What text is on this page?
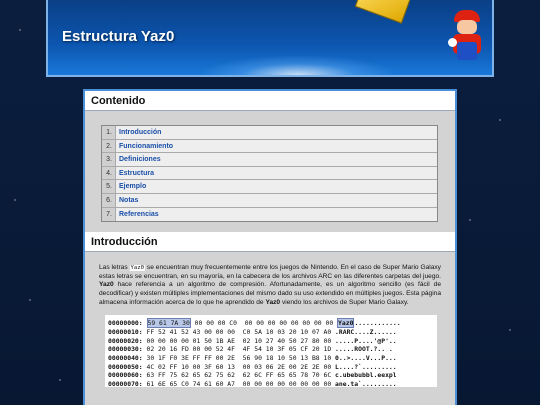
Estructura Yaz0
Contenido
1.	Introducción
2.	Funcionamiento
3.	Definiciones
4.	Estructura
5.	Ejemplo
6.	Notas
7.	Referencias
Introducción
Las letras Yaz0 se encuentran muy frecuentemente entre los juegos de Nintendo. En el caso de Super Mario Galaxy estas letras se encuentran, en su mayoría, en la cabecera de los archivos ARC en las diferentes carpetas del juego. Yaz0 hace referencia a un algoritmo de compresión. Afortunadamente, es un algoritmo sencillo (es fácil de decodificar) y existen múltiples implementaciones del mismo dado su uso extendido en múltiples juegos. Esta página almacena información acerca de lo que he aprendido de Yaz0 viendo los archivos de Super Mario Galaxy.
00000000: 59 61 7A 30 00 00 00 C0  00 00 00 00 00 00 00 00 Yaz0............
00000010: FF 52 41 52 43 00 00 00  C0 5A 10 03 20 10 07 A0 .RARC....Z......
00000020: 00 00 00 00 01 50 1B AE  02 10 27 40 50 27 80 00 .....P....'@P'..
00000030: 02 20 16 FD 00 00 52 4F  4F 54 10 3F 05 CF 20 1D .....ROOT.?.. .
00000040: 30 1F F0 3E FF FF 00 2E  56 90 18 10 50 13 B8 10 0..>....V...P...
00000050: 4C 02 FF 10 00 3F 60 13  00 03 06 2E 00 2E 2E 00 L....?`.........
00000060: 63 FF 75 62 65 62 75 62  62 6C FF 65 65 78 70 6C c.ubebubbl.eexpl
00000070: 61 6E 65 C0 74 61 60 A7  00 00 00 00 00 00 00 00 ane.ta`.........
